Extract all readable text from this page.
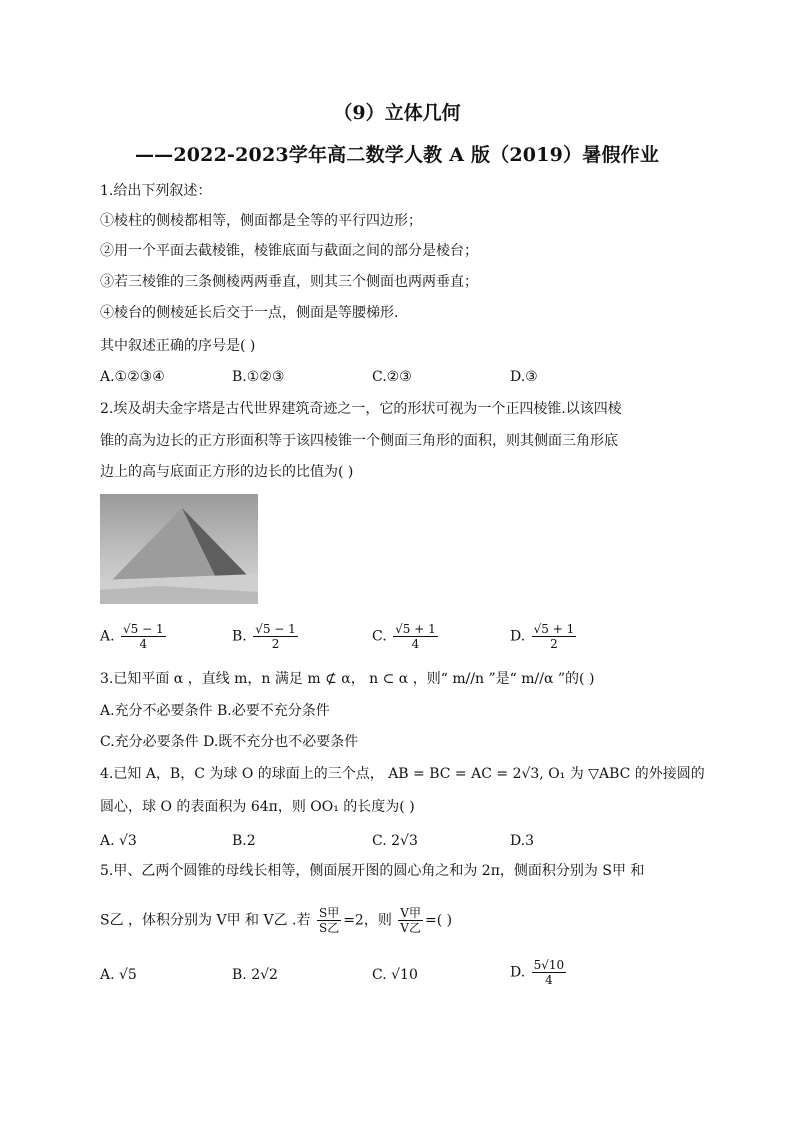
（9）立体几何
——2022-2023学年高二数学人教 A 版（2019）暑假作业
1.给出下列叙述：
①棱柱的侧棱都相等，侧面都是全等的平行四边形；
②用一个平面去截棱锥，棱锥底面与截面之间的部分是棱台；
③若三棱锥的三条侧棱两两垂直，则其三个侧面也两两垂直；
④棱台的侧棱延长后交于一点，侧面是等腰梯形.
其中叙述正确的序号是( )
A.①②③④	B.①②③	C.②③	D.③
2.埃及胡夫金字塔是古代世界建筑奇迹之一，它的形状可视为一个正四棱锥.以该四棱
锥的高为边长的正方形面积等于该四棱锥一个侧面三角形的面积，则其侧面三角形底
边上的高与底面正方形的边长的比值为( )
A. $\frac{√5 - 1}{4}$	B. $\frac{√5 - 1}{2}$	C. $\frac{√5 + 1}{4}$	D. $\frac{√5 + 1}{2}$
3.已知平面 α ，直线 m，n 满足 m ⊄ α， n ⊂ α ，则“ m//n ”是“ m//α ”的( )
A.充分不必要条件 B.必要不充分条件
C.充分必要条件 D.既不充分也不必要条件
4.已知 A，B，C 为球 O 的球面上的三个点， AB = BC = AC = 2√3, O₁ 为 ▽ABC 的外接圆的
圆心，球 O 的表面积为 64π，则 OO₁ 的长度为( )
A. √3	B.2	C. 2√3	D.3
5.甲、乙两个圆锥的母线长相等，侧面展开图的圆心角之和为 2π，侧面积分别为 S甲 和
S乙 ，体积分别为 V甲 和 V乙 .若 $\frac{\text{S甲}}{\text{S乙}} =2$，则 $\frac{\text{V甲}}{\text{V乙}}$ =( )
A. √5	B. 2√2	C. √10	D. $\frac{5√10}{4}$
